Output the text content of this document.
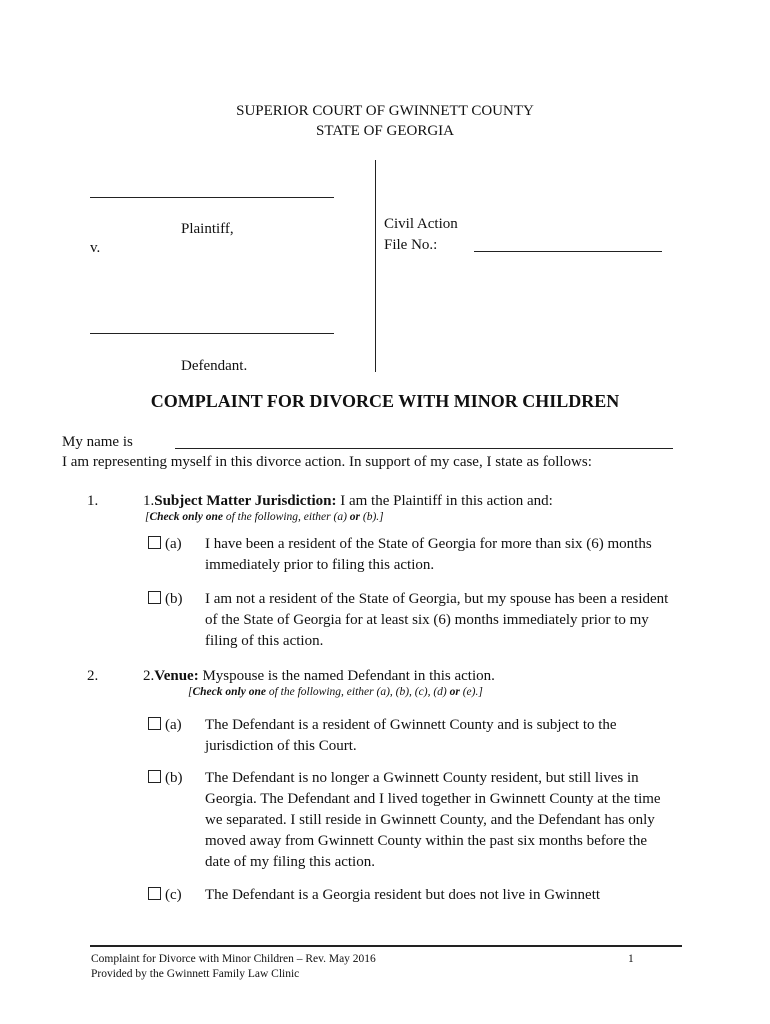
SUPERIOR COURT OF GWINNETT COUNTY
STATE OF GEORGIA
Plaintiff,
v.
Defendant.
Civil Action
File No.:
COMPLAINT FOR DIVORCE WITH MINOR CHILDREN
My name is
I am representing myself in this divorce action. In support of my case, I state as follows:
1.	1.Subject Matter Jurisdiction: I am the Plaintiff in this action and:
[Check only one of the following, either (a) or (b).]
(a) I have been a resident of the State of Georgia for more than six (6) months immediately prior to filing this action.
(b) I am not a resident of the State of Georgia, but my spouse has been a resident of the State of Georgia for at least six (6) months immediately prior to my filing of this action.
2.	2.Venue: Myspouse is the named Defendant in this action.
[Check only one of the following, either (a), (b), (c), (d) or (e).]
(a) The Defendant is a resident of Gwinnett County and is subject to the jurisdiction of this Court.
(b) The Defendant is no longer a Gwinnett County resident, but still lives in Georgia. The Defendant and I lived together in Gwinnett County at the time we separated. I still reside in Gwinnett County, and the Defendant has only moved away from Gwinnett County within the past six months before the date of my filing this action.
(c) The Defendant is a Georgia resident but does not live in Gwinnett
Complaint for Divorce with Minor Children – Rev. May 2016
Provided by the Gwinnett Family Law Clinic
1
